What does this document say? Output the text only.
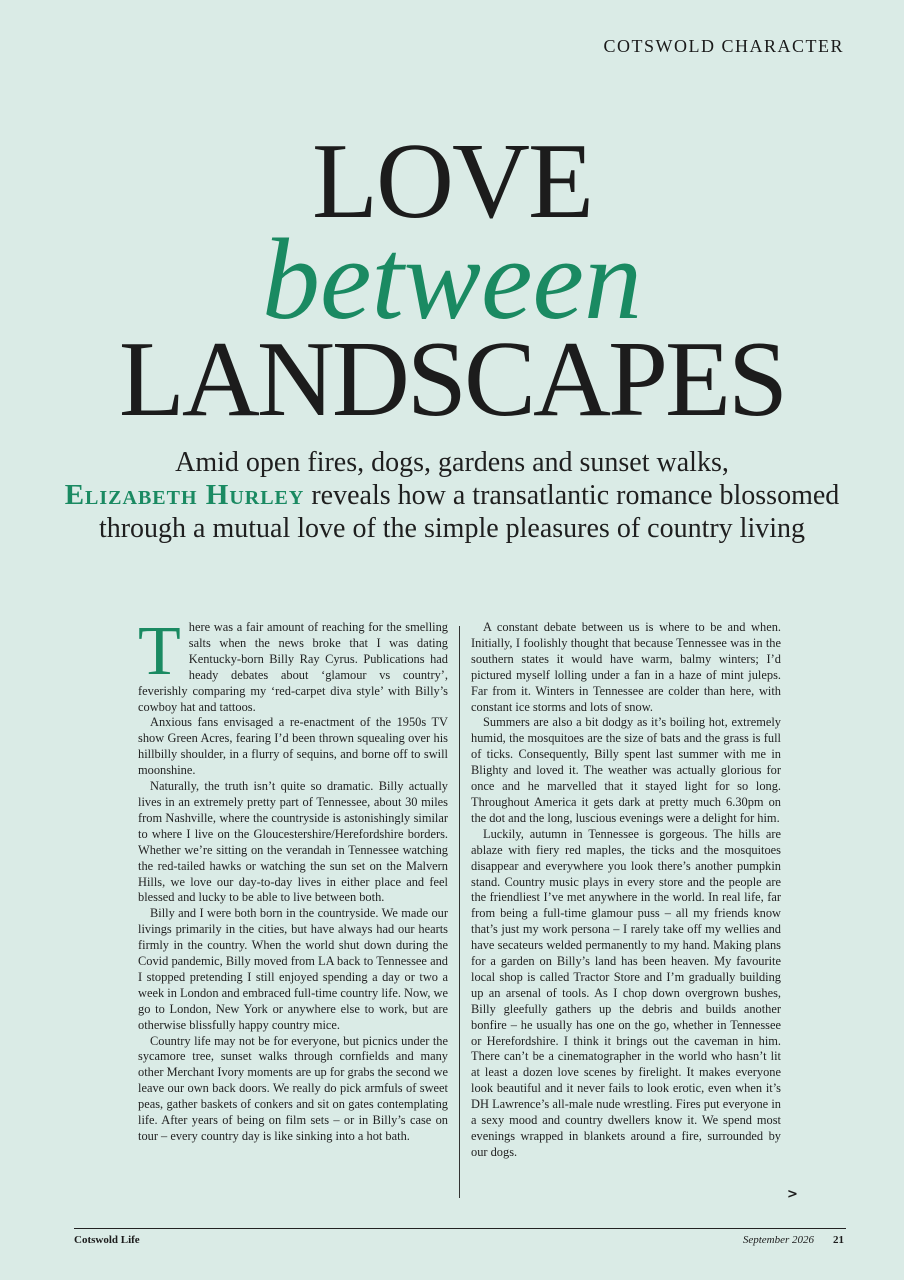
COTSWOLD CHARACTER
LOVE
between
LANDSCAPES
Amid open fires, dogs, gardens and sunset walks,
Elizabeth Hurley reveals how a transatlantic romance blossomed through a mutual love of the simple pleasures of country living

There was a fair amount of reaching for the smelling salts when the news broke that I was dating Kentucky-born Billy Ray Cyrus. Publications had heady debates about ‘glamour vs country’, feverishly comparing my ‘red-carpet diva style’ with Billy’s cowboy hat and tattoos.

Anxious fans envisaged a re-enactment of the 1950s TV show Green Acres, fearing I’d been thrown squealing over his hillbilly shoulder, in a flurry of sequins, and borne off to swill moonshine.

Naturally, the truth isn’t quite so dramatic. Billy actually lives in an extremely pretty part of Tennessee, about 30 miles from Nashville, where the countryside is astonishingly similar to where I live on the Gloucestershire/Herefordshire borders. Whether we’re sitting on the verandah in Tennessee watching the red-tailed hawks or watching the sun set on the Malvern Hills, we love our day-to-day lives in either place and feel blessed and lucky to be able to live between both.

Billy and I were both born in the countryside. We made our livings primarily in the cities, but have always had our hearts firmly in the country. When the world shut down during the Covid pandemic, Billy moved from LA back to Tennessee and I stopped pretending I still enjoyed spending a day or two a week in London and embraced full-time country life. Now, we go to London, New York or anywhere else to work, but are otherwise blissfully happy country mice.

Country life may not be for everyone, but picnics under the sycamore tree, sunset walks through cornfields and many other Merchant Ivory moments are up for grabs the second we leave our own back doors. We really do pick armfuls of sweet peas, gather baskets of conkers and sit on gates contemplating life. After years of being on film sets – or in Billy’s case on tour – every country day is like sinking into a hot bath.

A constant debate between us is where to be and when. Initially, I foolishly thought that because Tennessee was in the southern states it would have warm, balmy winters; I’d pictured myself lolling under a fan in a haze of mint juleps. Far from it. Winters in Tennessee are colder than here, with constant ice storms and lots of snow.

Summers are also a bit dodgy as it’s boiling hot, extremely humid, the mosquitoes are the size of bats and the grass is full of ticks. Consequently, Billy spent last summer with me in Blighty and loved it. The weather was actually glorious for once and he marvelled that it stayed light for so long. Throughout America it gets dark at pretty much 6.30pm on the dot and the long, luscious evenings were a delight for him.

Luckily, autumn in Tennessee is gorgeous. The hills are ablaze with fiery red maples, the ticks and the mosquitoes disappear and everywhere you look there’s another pumpkin stand. Country music plays in every store and the people are the friendliest I’ve met anywhere in the world. In real life, far from being a full-time glamour puss – all my friends know that’s just my work persona – I rarely take off my wellies and have secateurs welded permanently to my hand. Making plans for a garden on Billy’s land has been heaven. My favourite local shop is called Tractor Store and I’m gradually building up an arsenal of tools. As I chop down overgrown bushes, Billy gleefully gathers up the debris and builds another bonfire – he usually has one on the go, whether in Tennessee or Herefordshire. I think it brings out the caveman in him. There can’t be a cinematographer in the world who hasn’t lit at least a dozen love scenes by firelight. It makes everyone look beautiful and it never fails to look erotic, even when it’s DH Lawrence’s all-male nude wrestling. Fires put everyone in a sexy mood and country dwellers know it. We spend most evenings wrapped in blankets around a fire, surrounded by our dogs.

>
Cotswold Life	September 2026 21
